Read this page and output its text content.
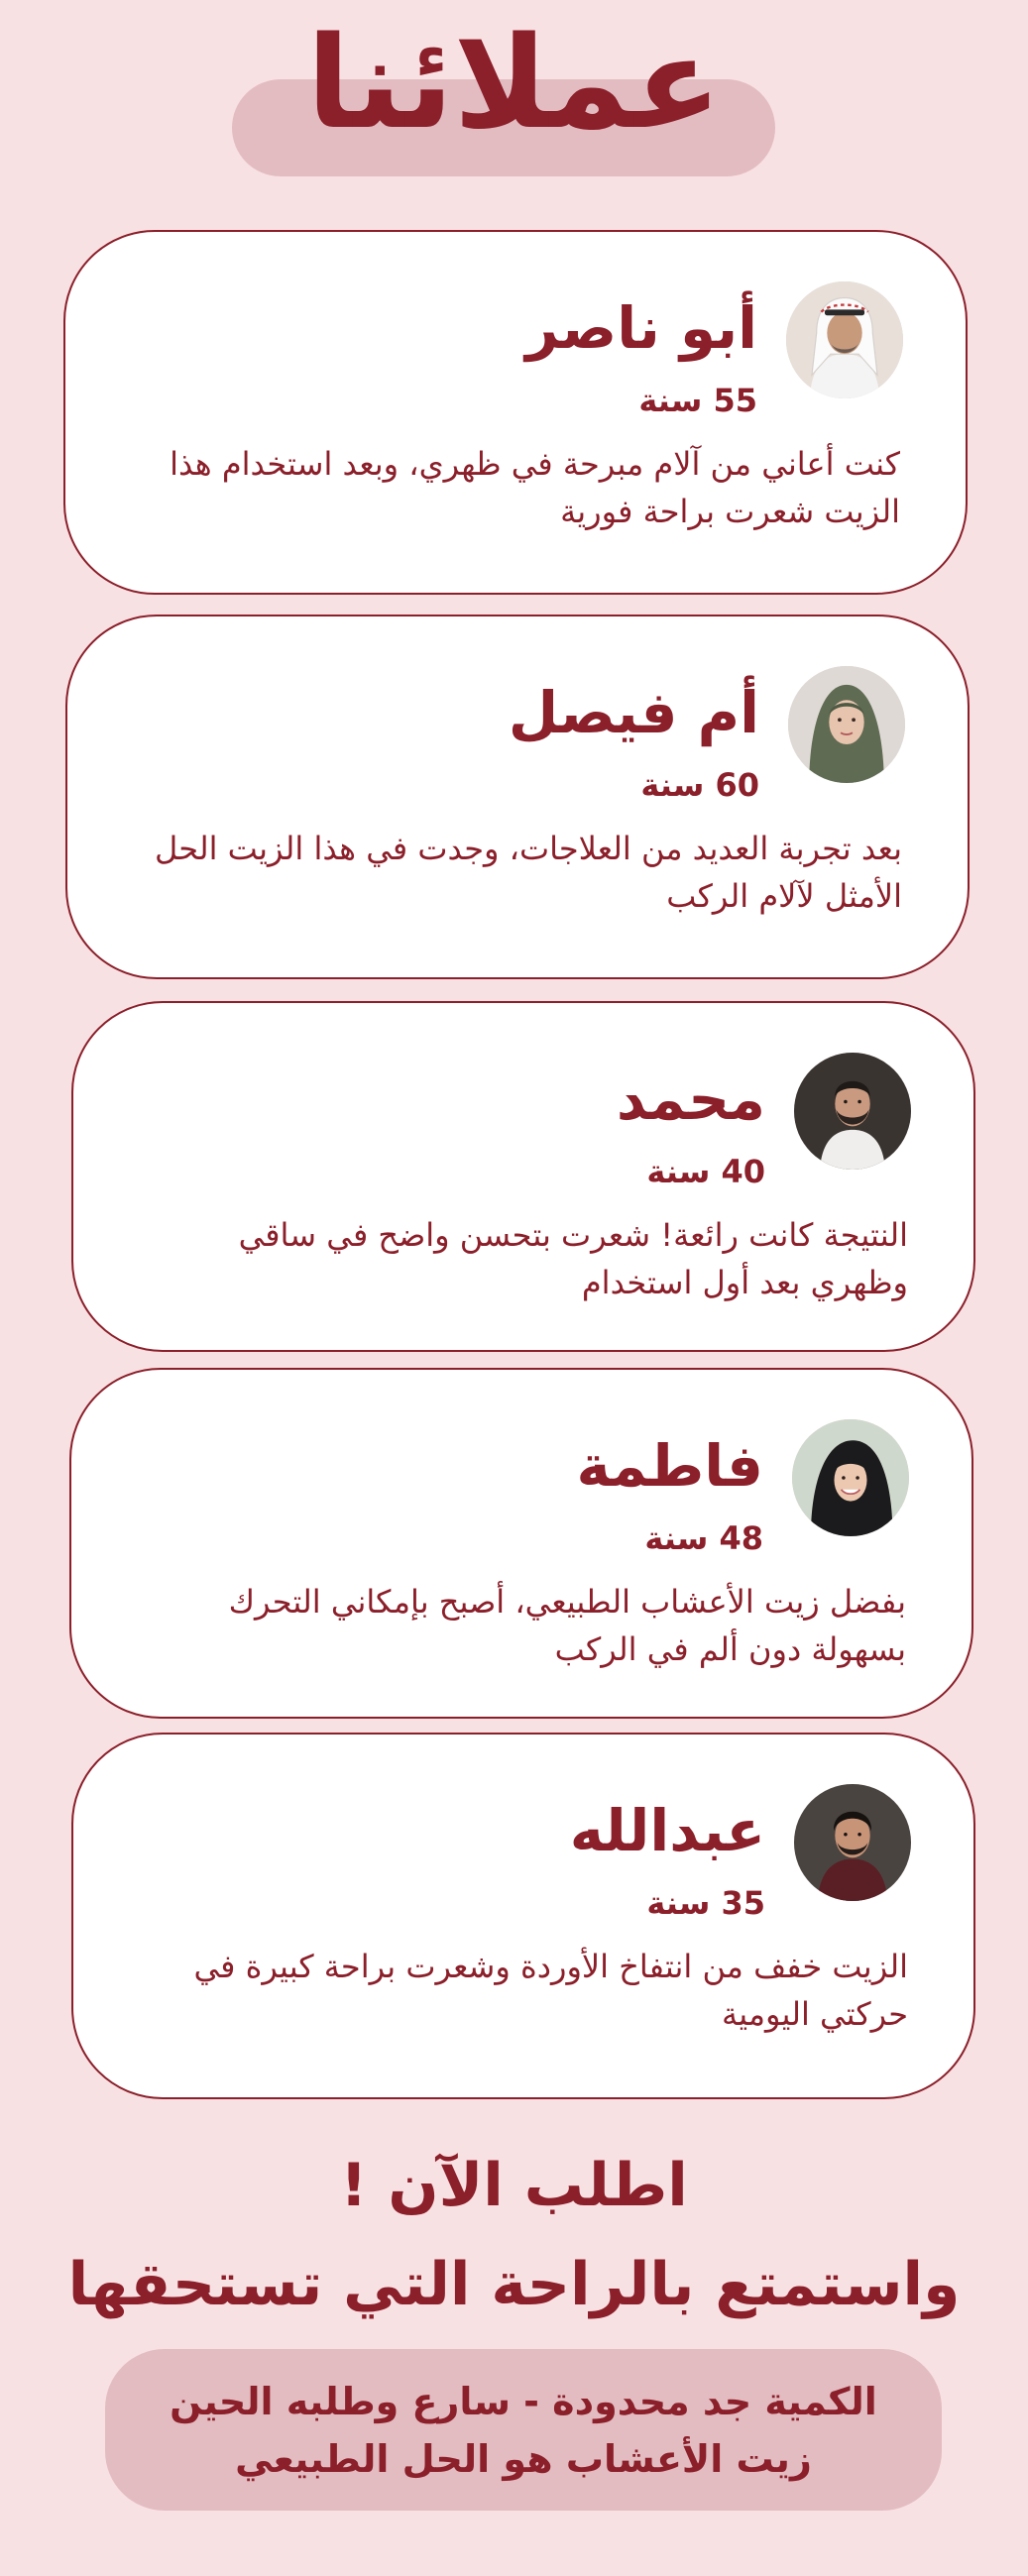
عملائنا
أبو ناصر
55 سنة

كنت أعاني من آلام مبرحة في ظهري، وبعد استخدام هذا الزيت شعرت براحة فورية

أم فيصل
60 سنة

بعد تجربة العديد من العلاجات، وجدت في هذا الزيت الحل الأمثل لآلام الركب

محمد
40 سنة

النتيجة كانت رائعة! شعرت بتحسن واضح في ساقي وظهري بعد أول استخدام

فاطمة
48 سنة

بفضل زيت الأعشاب الطبيعي، أصبح بإمكاني التحرك بسهولة دون ألم في الركب

عبدالله
35 سنة

الزيت خفف من انتفاخ الأوردة وشعرت براحة كبيرة في حركتي اليومية

اطلب الآن !
واستمتع بالراحة التي تستحقها
الكمية جد محدودة - سارع وطلبه الحين
زيت الأعشاب هو الحل الطبيعي
